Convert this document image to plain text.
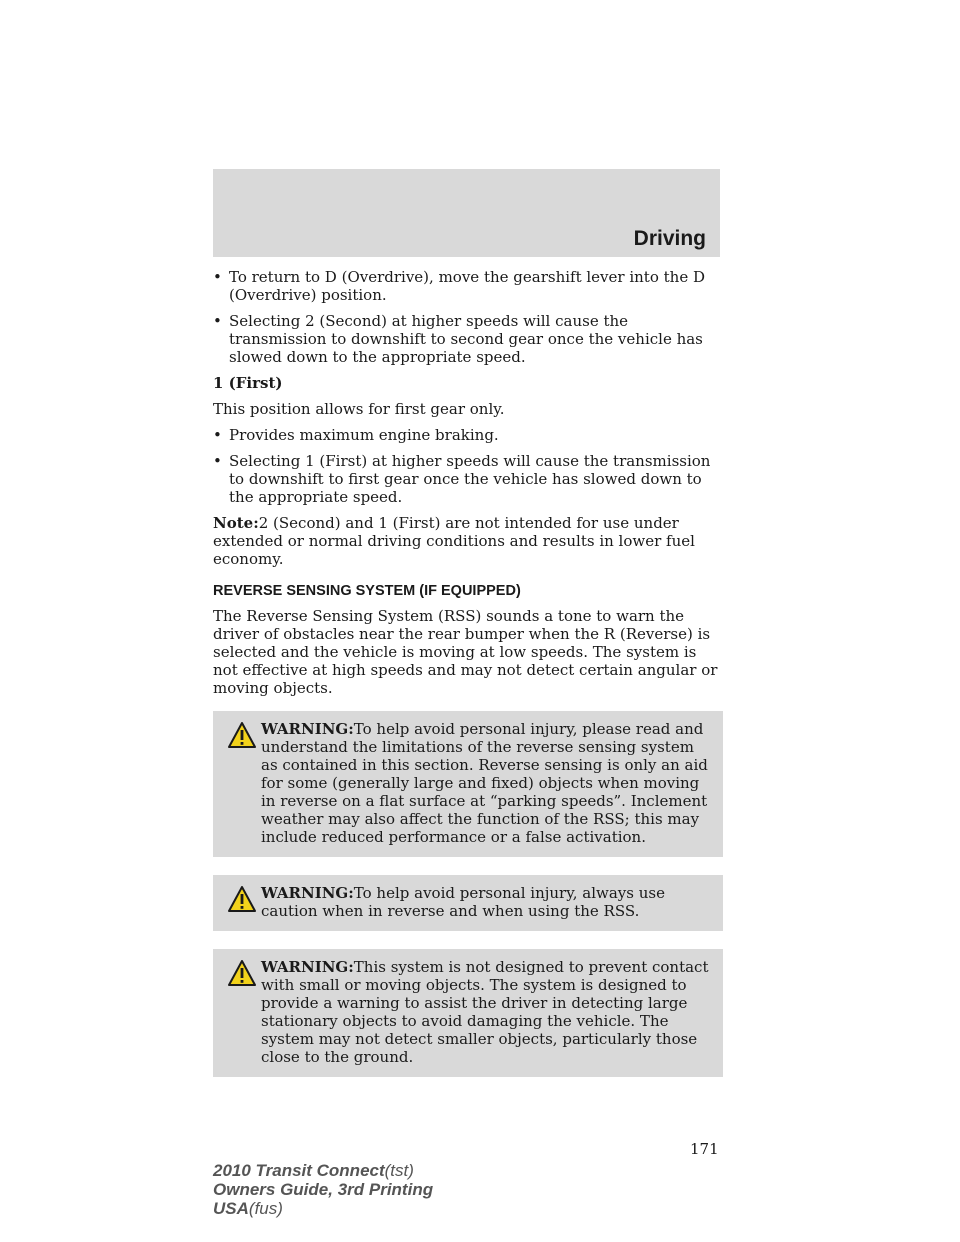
Driving
• To return to D (Overdrive), move the gearshift lever into the D (Overdrive) position.
• Selecting 2 (Second) at higher speeds will cause the transmission to downshift to second gear once the vehicle has slowed down to the appropriate speed.
1 (First)

This position allows for first gear only.

• Provides maximum engine braking.
• Selecting 1 (First) at higher speeds will cause the transmission to downshift to first gear once the vehicle has slowed down to the appropriate speed.

Note:2 (Second) and 1 (First) are not intended for use under extended or normal driving conditions and results in lower fuel economy.

REVERSE SENSING SYSTEM (IF EQUIPPED)

The Reverse Sensing System (RSS) sounds a tone to warn the driver of obstacles near the rear bumper when the R (Reverse) is selected and the vehicle is moving at low speeds. The system is not effective at high speeds and may not detect certain angular or moving objects.

WARNING:To help avoid personal injury, please read and understand the limitations of the reverse sensing system as contained in this section. Reverse sensing is only an aid for some (generally large and fixed) objects when moving in reverse on a flat surface at “parking speeds”. Inclement weather may also affect the function of the RSS; this may include reduced performance or a false activation.
WARNING:To help avoid personal injury, always use caution when in reverse and when using the RSS.
WARNING:This system is not designed to prevent contact with small or moving objects. The system is designed to provide a warning to assist the driver in detecting large stationary objects to avoid damaging the vehicle. The system may not detect smaller objects, particularly those close to the ground.
171
2010 Transit Connect(tst)
Owners Guide, 3rd Printing
USA(fus)
